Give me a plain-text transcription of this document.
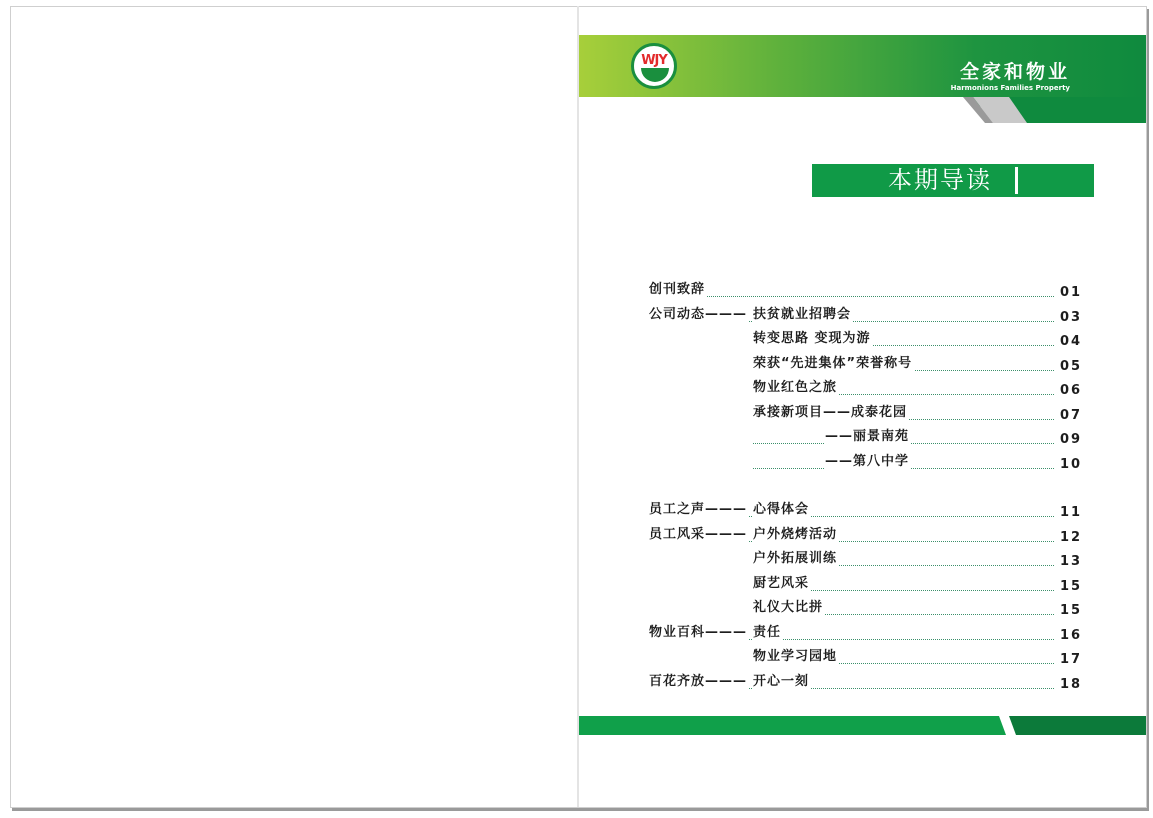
WJY
全家和物业
Harmonions Families Property
本期导读
创刊致辞	01
公司动态——— 扶贫就业招聘会	03
转变思路 变现为游	04
荣获“先进集体”荣誉称号	05
物业红色之旅	06
承接新项目——成泰花园	07
——丽景南苑	09
——第八中学	10
员工之声——— 心得体会	11
员工风采——— 户外烧烤活动	12
户外拓展训练	13
厨艺风采	15
礼仪大比拼	15
物业百科——— 责任	16
物业学习园地	17
百花齐放——— 开心一刻	18
